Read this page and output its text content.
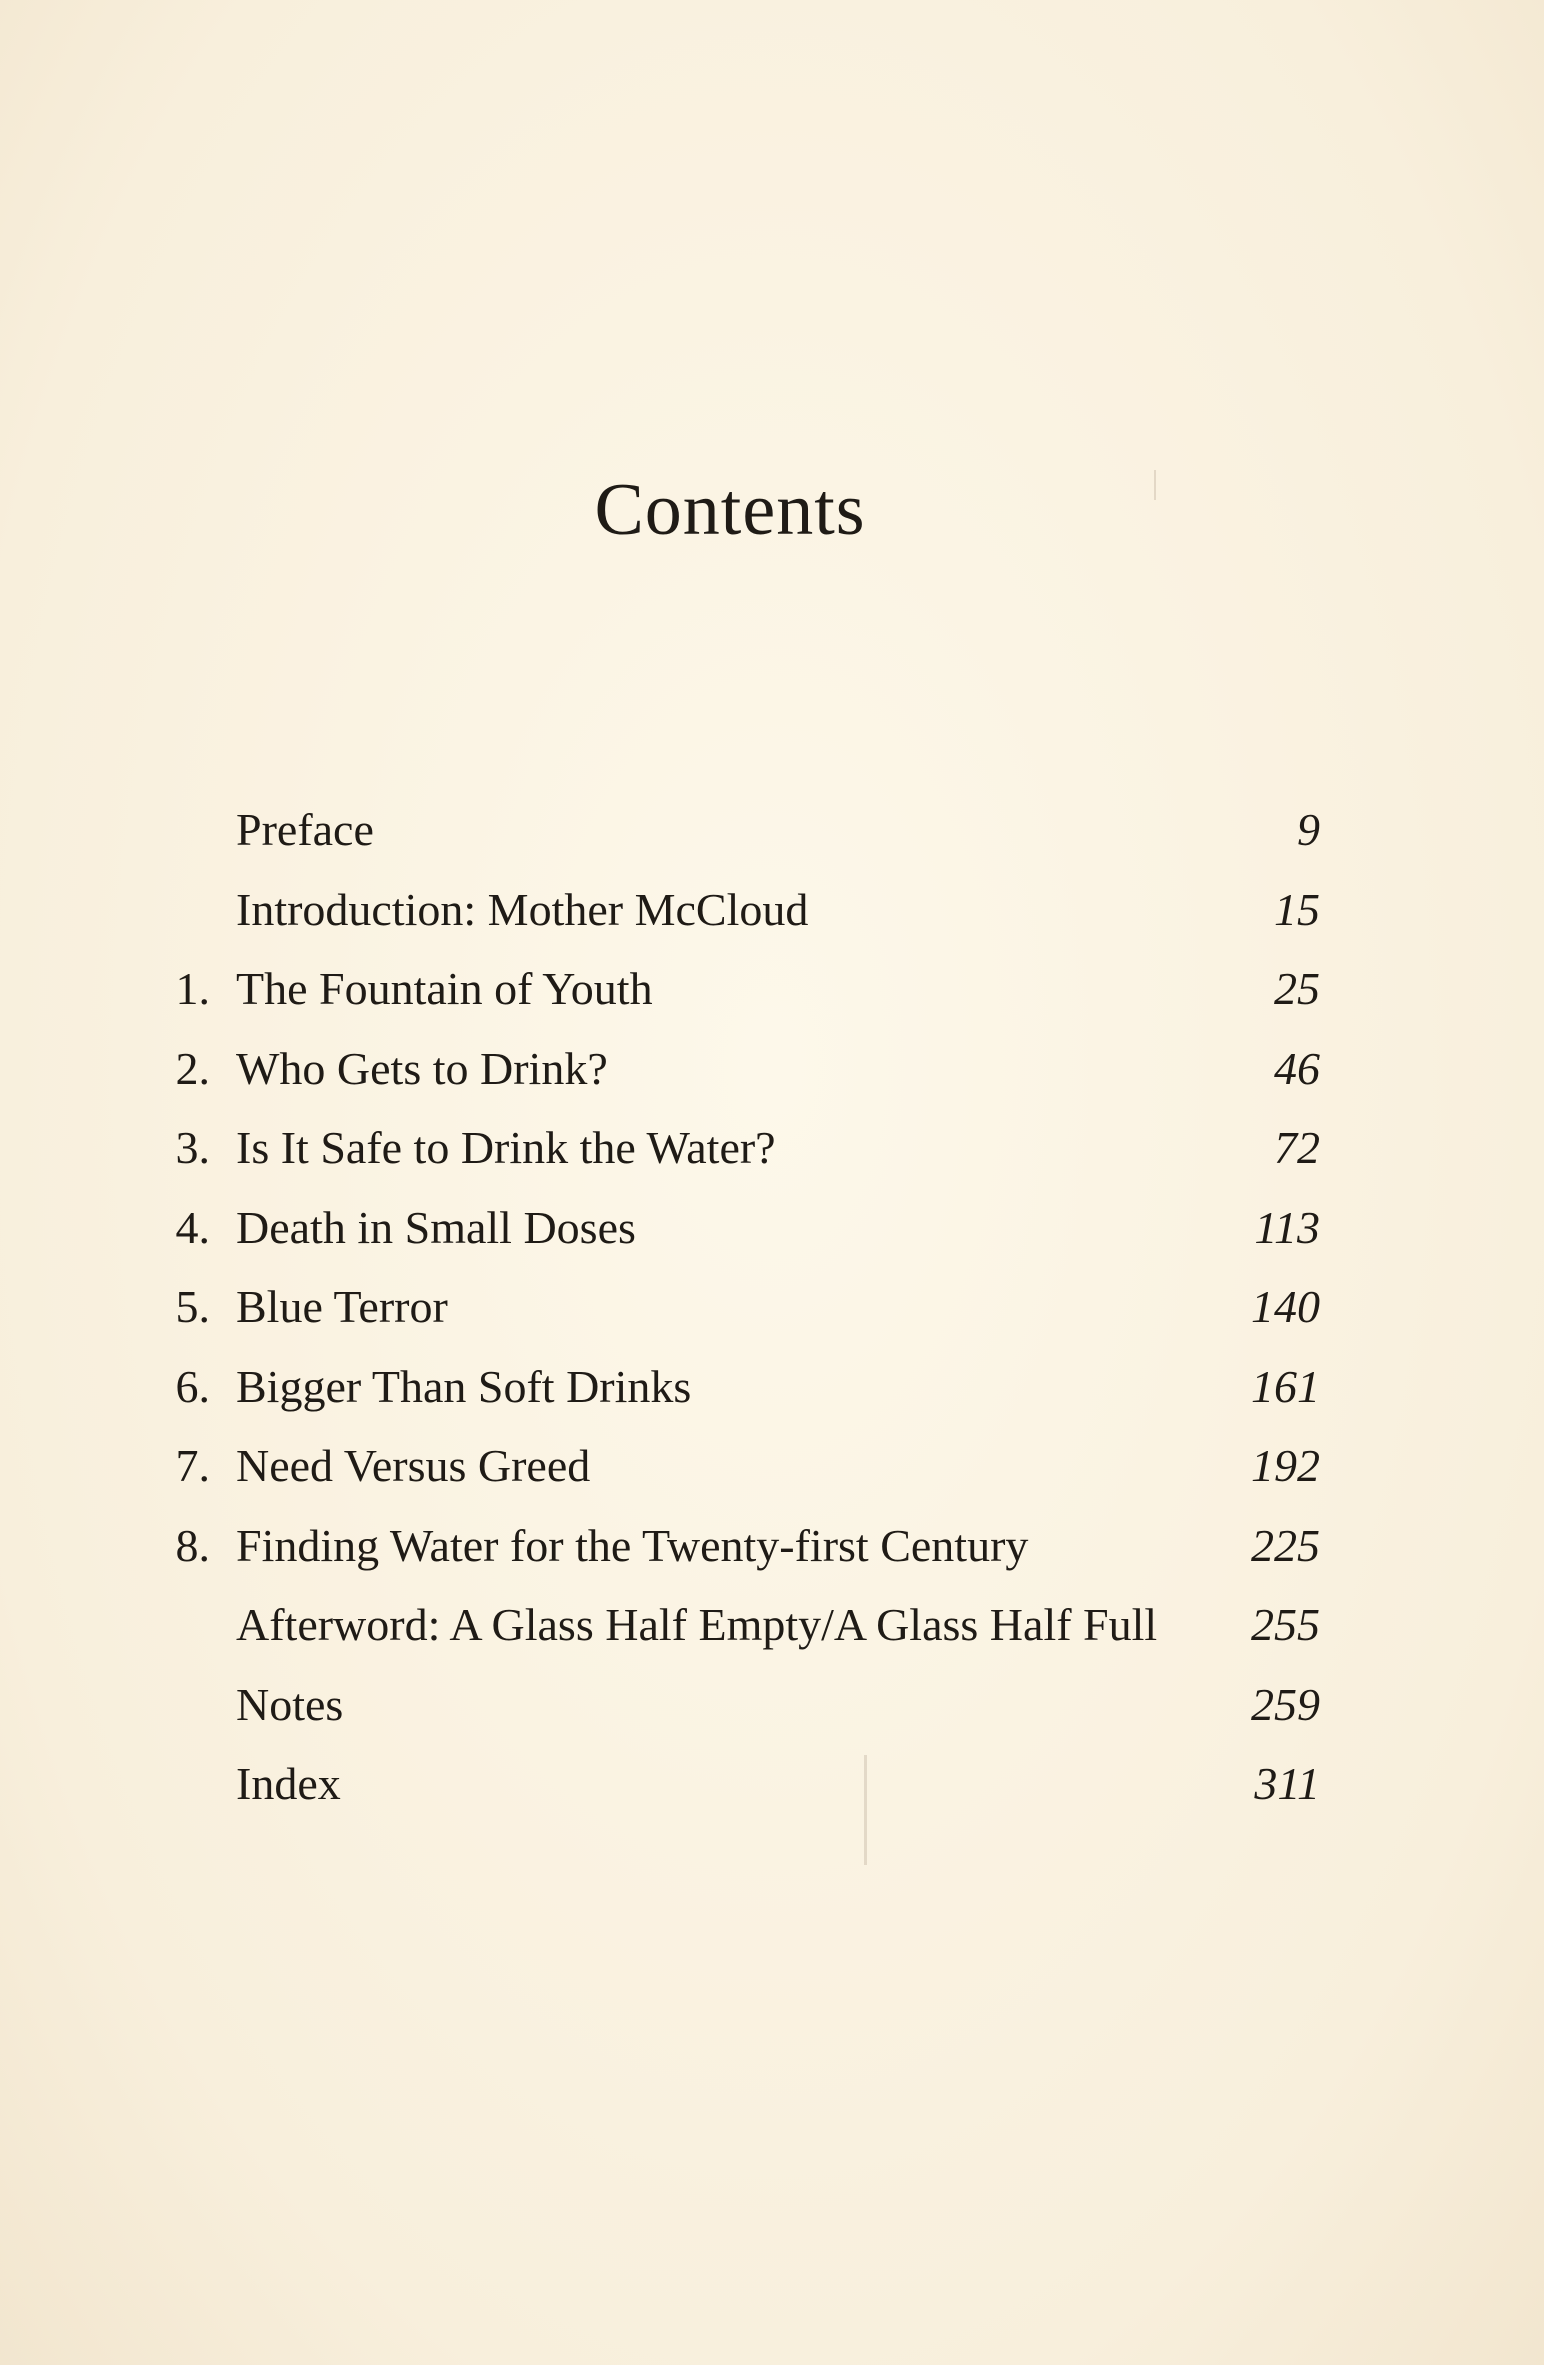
Contents
Preface	9
Introduction: Mother McCloud	15
1. The Fountain of Youth	25
2. Who Gets to Drink?	46
3. Is It Safe to Drink the Water?	72
4. Death in Small Doses	113
5. Blue Terror	140
6. Bigger Than Soft Drinks	161
7. Need Versus Greed	192
8. Finding Water for the Twenty-first Century	225
Afterword: A Glass Half Empty/A Glass Half Full 255
Notes	259
Index	311
